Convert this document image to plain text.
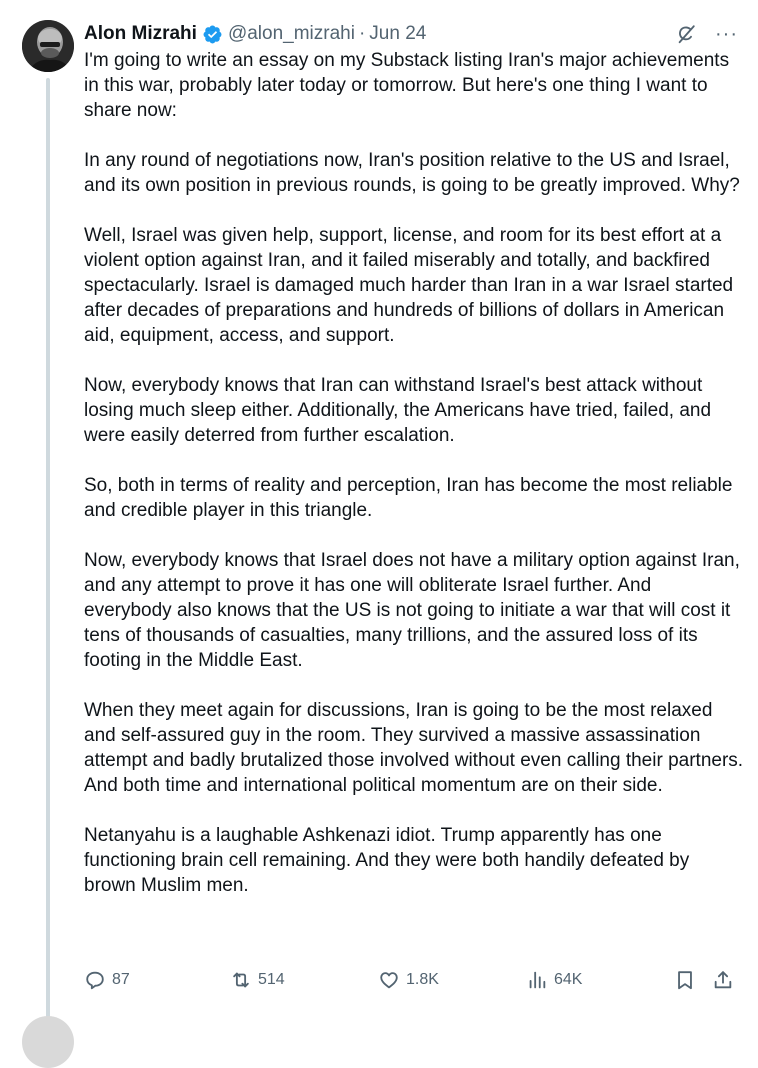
Alon Mizrahi @alon_mizrahi · Jun 24	···

I'm going to write an essay on my Substack listing Iran's major achievements in this war, probably later today or tomorrow. But here's one thing I want to share now:

In any round of negotiations now, Iran's position relative to the US and Israel, and its own position in previous rounds, is going to be greatly improved. Why?

Well, Israel was given help, support, license, and room for its best effort at a violent option against Iran, and it failed miserably and totally, and backfired spectacularly. Israel is damaged much harder than Iran in a war Israel started after decades of preparations and hundreds of billions of dollars in American aid, equipment, access, and support.

Now, everybody knows that Iran can withstand Israel's best attack without losing much sleep either. Additionally, the Americans have tried, failed, and were easily deterred from further escalation.

So, both in terms of reality and perception, Iran has become the most reliable and credible player in this triangle.

Now, everybody knows that Israel does not have a military option against Iran, and any attempt to prove it has one will obliterate Israel further. And everybody also knows that the US is not going to initiate a war that will cost it tens of thousands of casualties, many trillions, and the assured loss of its footing in the Middle East.

When they meet again for discussions, Iran is going to be the most relaxed and self-assured guy in the room. They survived a massive assassination attempt and badly brutalized those involved without even calling their partners. And both time and international political momentum are on their side.

Netanyahu is a laughable Ashkenazi idiot. Trump apparently has one functioning brain cell remaining. And they were both handily defeated by brown Muslim men.

87	514	1.8K	64K
